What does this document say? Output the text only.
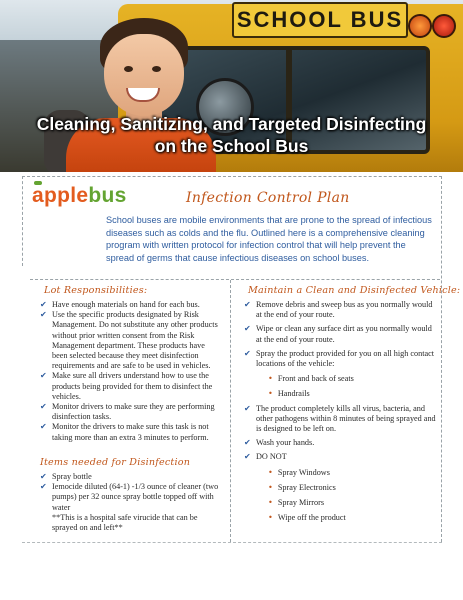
SCHOOL BUS
Cleaning, Sanitizing, and Targeted Disinfecting
on the School Bus
applebus	Infection Control Plan
School buses are mobile environments that are prone to the spread of infectious diseases such as colds and the flu. Outlined here is a comprehensive cleaning program with written protocol for infection control that will help prevent the spread of germs that cause infectious diseases on school buses.
Lot Responsibilities:
✔ Have enough materials on hand for each bus.
✔ Use the specific products designated by Risk Management. Do not substitute any other products without prior written consent from the Risk Management department. These products have been selected because they meet disinfection requirements and are safe to be used in vehicles.
✔ Make sure all drivers understand how to use the products being provided for them to disinfect the vehicles.
✔ Monitor drivers to make sure they are performing disinfection tasks.
✔ Monitor the drivers to make sure this task is not taking more than an extra 3 minutes to perform.
Items needed for Disinfection
✔ Spray bottle
✔ Iemocide diluted (64-1) -1/3 ounce of cleaner (two pumps) per 32 ounce spray bottle topped off with water
**This is a hospital safe virucide that can be sprayed on and left**
Maintain a Clean and Disinfected Vehicle:
✔ Remove debris and sweep bus as you normally would at the end of your route.
✔ Wipe or clean any surface dirt as you normally would at the end of your route.
✔ Spray the product provided for you on all high contact locations of the vehicle:
• Front and back of seats
• Handrails
✔ The product completely kills all virus, bacteria, and other pathogens within 8 minutes of being sprayed and is designed to be left on.
✔ Wash your hands.
✔ DO NOT
• Spray Windows
• Spray Electronics
• Spray Mirrors
• Wipe off the product
